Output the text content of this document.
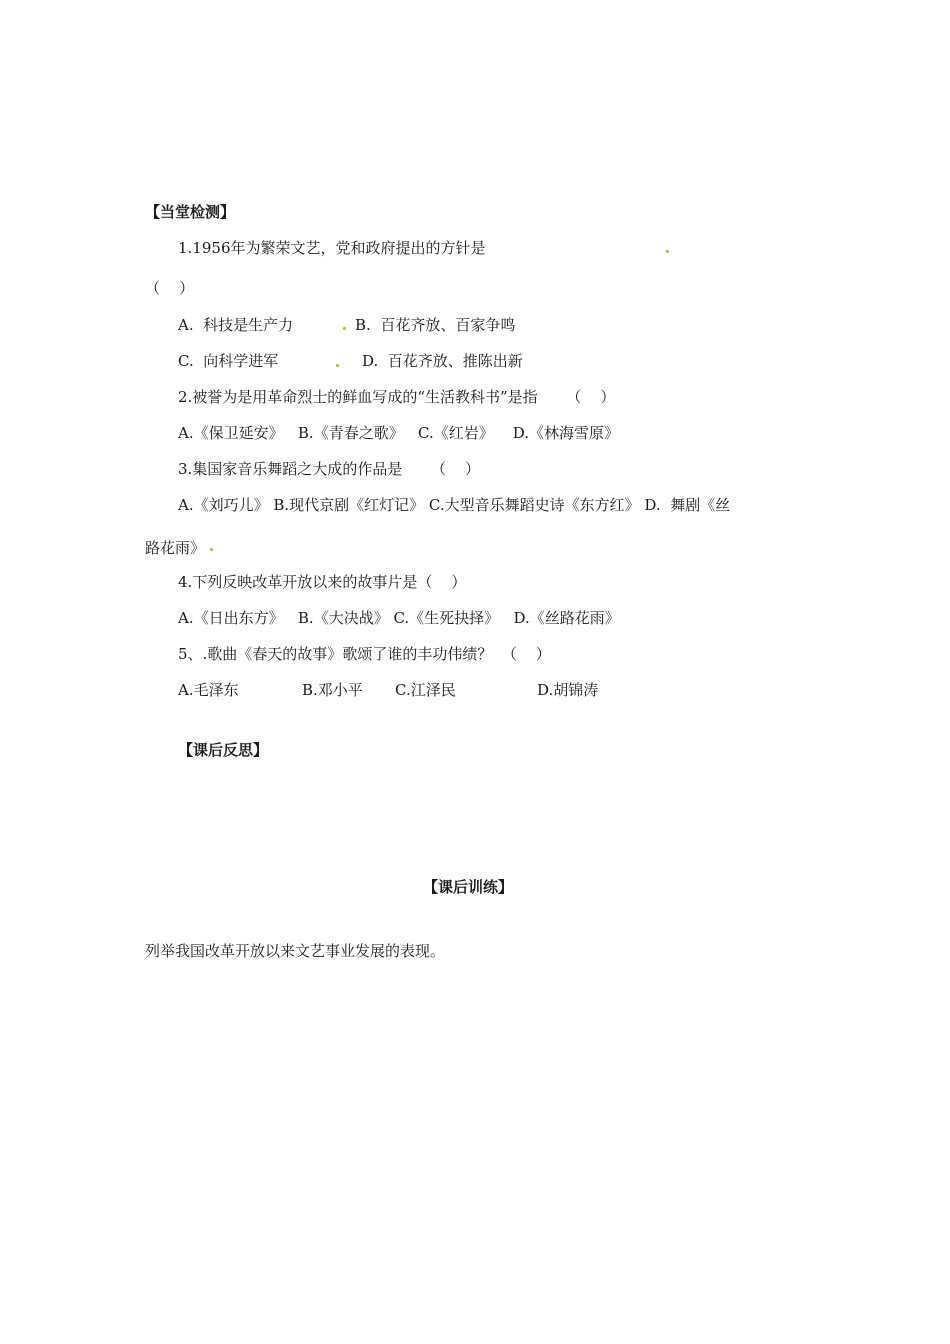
【当堂检测】
1.1956年为繁荣文艺，党和政府提出的方针是
（    ）
A.  科技是生产力	B.  百花齐放、百家争鸣
C.  向科学进军	D.  百花齐放、推陈出新
2.被誉为是用革命烈士的鲜血写成的“生活教科书”是指      （    ）
A.《保卫延安》   B.《青春之歌》   C.《红岩》    D.《林海雪原》
3.集国家音乐舞蹈之大成的作品是      （    ）
A.《刘巧儿》 B.现代京剧《红灯记》 C.大型音乐舞蹈史诗《东方红》 D.  舞剧《丝
路花雨》
4.下列反映改革开放以来的故事片是（    ）
A.《日出东方》   B.《大决战》 C.《生死抉择》   D.《丝路花雨》
5、.歌曲《春天的故事》歌颂了谁的丰功伟绩？  （    ）
A.毛泽东	B.邓小平 C.江泽民	D.胡锦涛
【课后反思】
【课后训练】
列举我国改革开放以来文艺事业发展的表现。
